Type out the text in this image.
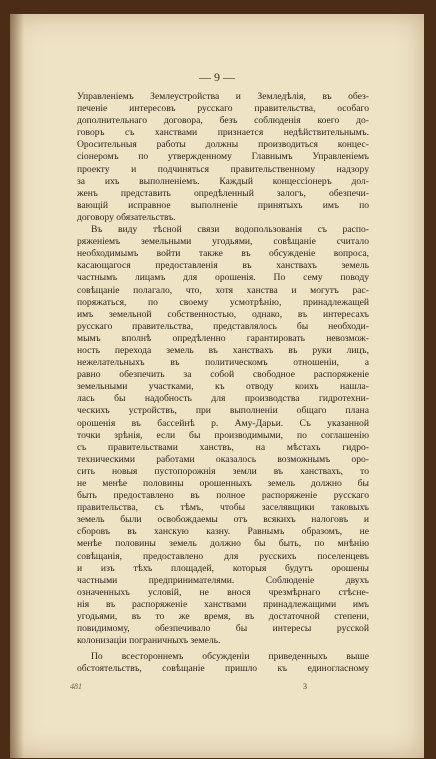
— 9 —
Управленіемъ Землеустройства и Земледѣлія, въ обез-
печеніе интересовъ русскаго правительства, особаго
дополнительнаго договора, безъ соблюденія коего до-
говоръ съ ханствами признается недѣйствительнымъ.
Оросительныя работы должны производиться концес-
сіонеромъ по утвержденному Главнымъ Управленіемъ
проекту и подчиняться правительственному надзору
за ихъ выполненіемъ. Каждый концессіонеръ дол-
женъ представить опредѣленный залогъ, обезпечи-
вающій исправное выполненіе принятыхъ имъ по
договору обязательствъ.
Въ виду тѣсной связи водопользованія съ распо-
ряженіемъ земельными угодьями, совѣщаніе считало
необходимымъ войти также въ обсужденіе вопроса,
касающагося предоставленія въ ханствахъ земель
частнымъ лицамъ для орошенія. По сему поводу
совѣщаніе полагало, что, хотя ханства и могутъ рас-
поряжаться, по своему усмотрѣнію, принадлежащей
имъ земельной собственностью, однако, въ интересахъ
русскаго правительства, представлялось бы необходи-
мымъ вполнѣ опредѣленно гарантировать невозмож-
ность перехода земель въ ханствахъ въ руки лицъ,
нежелательныхъ въ политическомъ отношеніи, а
равно обезпечить за собой свободное распоряженіе
земельными участками, къ отводу коихъ нашла-
лась бы надобность для производства гидротехни-
ческихъ устройствъ, при выполненіи общаго плана
орошенія въ бассейнѣ р. Аму-Дарьи. Съ указанной
точки зрѣнія, если бы производимыми, по соглашенію
съ правительствами ханствъ, на мѣстахъ гидро-
техническими работами оказалось возможнымъ оро-
сить новыя пустопорожнія земли въ ханствахъ, то
не менѣе половины орошенныхъ земель должно бы
быть предоставлено въ полное распоряженіе русскаго
правительства, съ тѣмъ, чтобы заселявщики таковыхъ
земель были освобождаемы отъ всякихъ налоговъ и
сборовъ въ ханскую казну. Равнымъ образомъ, не
менѣе половины земель должно бы быть, по мнѣнію
совѣщанія, предоставлено для русскихъ поселенцевъ
и изъ тѣхъ площадей, которыя будутъ орошены
частными предпринимателями. Соблюденіе двухъ
означенныхъ условій, не внося чрезмѣрнаго стѣсне-
нія въ распоряженіе ханствами принадлежащими имъ
угодьями, въ то же время, въ достаточной степени,
повидимому, обезпечивало бы интересы русской
колонизаціи пограничныхъ земель.
По всестороннемъ обсужденіи приведенныхъ выше
обстоятельствъ, совѣщаніе пришло къ единогласному
481	3
